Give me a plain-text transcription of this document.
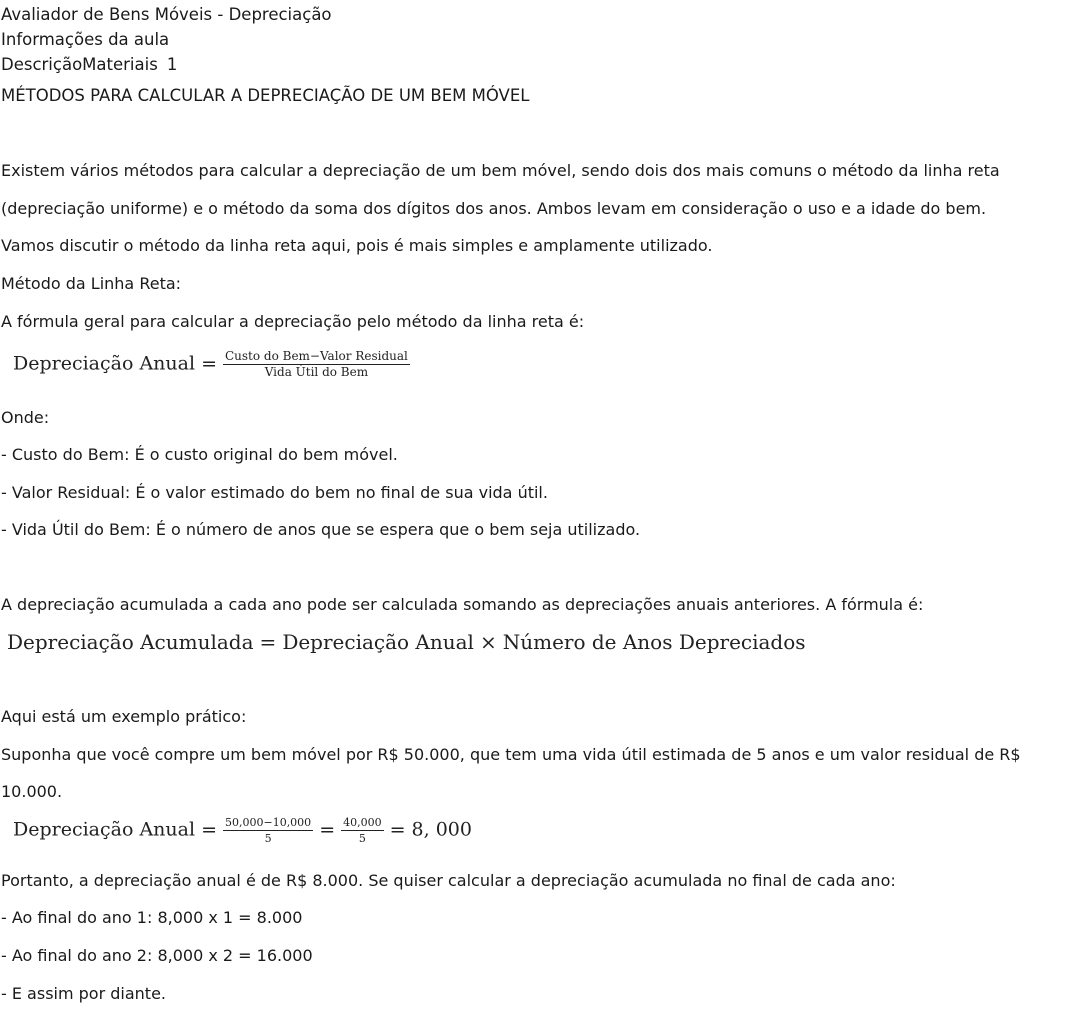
Avaliador de Bens Móveis - Depreciação
Informações da aula
DescriçãoMateriais 1
MÉTODOS PARA CALCULAR A DEPRECIAÇÃO DE UM BEM MÓVEL
Existem vários métodos para calcular a depreciação de um bem móvel, sendo dois dos mais comuns o método da linha reta
(depreciação uniforme) e o método da soma dos dígitos dos anos. Ambos levam em consideração o uso e a idade do bem.
Vamos discutir o método da linha reta aqui, pois é mais simples e amplamente utilizado.
Método da Linha Reta:
A fórmula geral para calcular a depreciação pelo método da linha reta é:
Depreciação Anual = $\frac{\text{Custo do Bem−Valor Residual}}{\text{Vida Útil do Bem}}$
Onde:
- Custo do Bem: É o custo original do bem móvel.
- Valor Residual: É o valor estimado do bem no final de sua vida útil.
- Vida Útil do Bem: É o número de anos que se espera que o bem seja utilizado.
A depreciação acumulada a cada ano pode ser calculada somando as depreciações anuais anteriores. A fórmula é:
Depreciação Acumulada = Depreciação Anual × Número de Anos Depreciados
Aqui está um exemplo prático:
Suponha que você compre um bem móvel por R$ 50.000, que tem uma vida útil estimada de 5 anos e um valor residual de R$
10.000.
Depreciação Anual = $\frac{50,000-10,000}{5} = \frac{40,000}{5} = 8$, 000
Portanto, a depreciação anual é de R$ 8.000. Se quiser calcular a depreciação acumulada no final de cada ano:
- Ao final do ano 1: 8,000 x 1 = 8.000
- Ao final do ano 2: 8,000 x 2 = 16.000
- E assim por diante.
